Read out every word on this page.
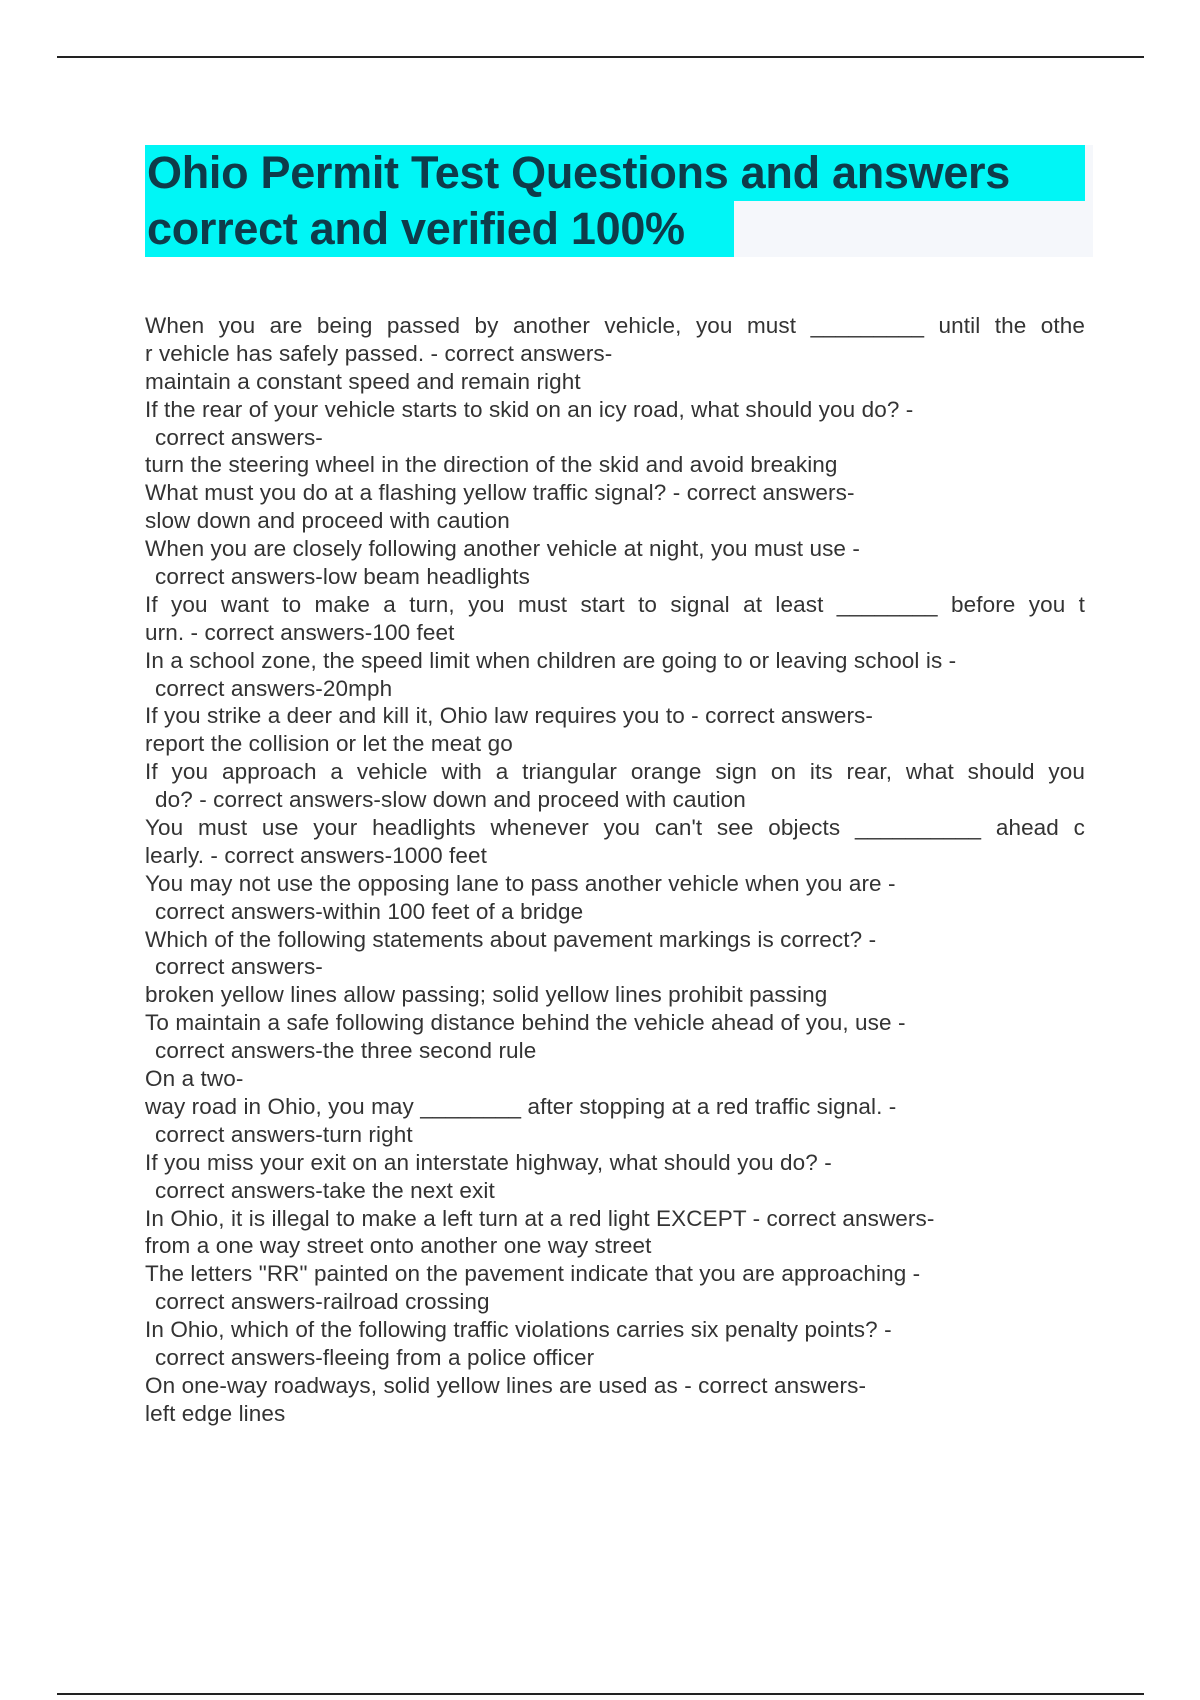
Ohio Permit Test Questions and answers
correct and verified 100%
When you are being passed by another vehicle, you must _________ until the othe
r vehicle has safely passed. - correct answers-
maintain a constant speed and remain right
If the rear of your vehicle starts to skid on an icy road, what should you do? -
correct answers-
turn the steering wheel in the direction of the skid and avoid breaking
What must you do at a flashing yellow traffic signal? - correct answers-
slow down and proceed with caution
When you are closely following another vehicle at night, you must use -
correct answers-low beam headlights
If you want to make a turn, you must start to signal at least ________ before you t
urn. - correct answers-100 feet
In a school zone, the speed limit when children are going to or leaving school is -
correct answers-20mph
If you strike a deer and kill it, Ohio law requires you to - correct answers-
report the collision or let the meat go
If you approach a vehicle with a triangular orange sign on its rear, what should you
do? - correct answers-slow down and proceed with caution
You must use your headlights whenever you can't see objects __________ ahead c
learly. - correct answers-1000 feet
You may not use the opposing lane to pass another vehicle when you are -
correct answers-within 100 feet of a bridge
Which of the following statements about pavement markings is correct? -
correct answers-
broken yellow lines allow passing; solid yellow lines prohibit passing
To maintain a safe following distance behind the vehicle ahead of you, use -
correct answers-the three second rule
On a two-
way road in Ohio, you may ________ after stopping at a red traffic signal. -
correct answers-turn right
If you miss your exit on an interstate highway, what should you do? -
correct answers-take the next exit
In Ohio, it is illegal to make a left turn at a red light EXCEPT - correct answers-
from a one way street onto another one way street
The letters "RR" painted on the pavement indicate that you are approaching -
correct answers-railroad crossing
In Ohio, which of the following traffic violations carries six penalty points? -
correct answers-fleeing from a police officer
On one-way roadways, solid yellow lines are used as - correct answers-
left edge lines
